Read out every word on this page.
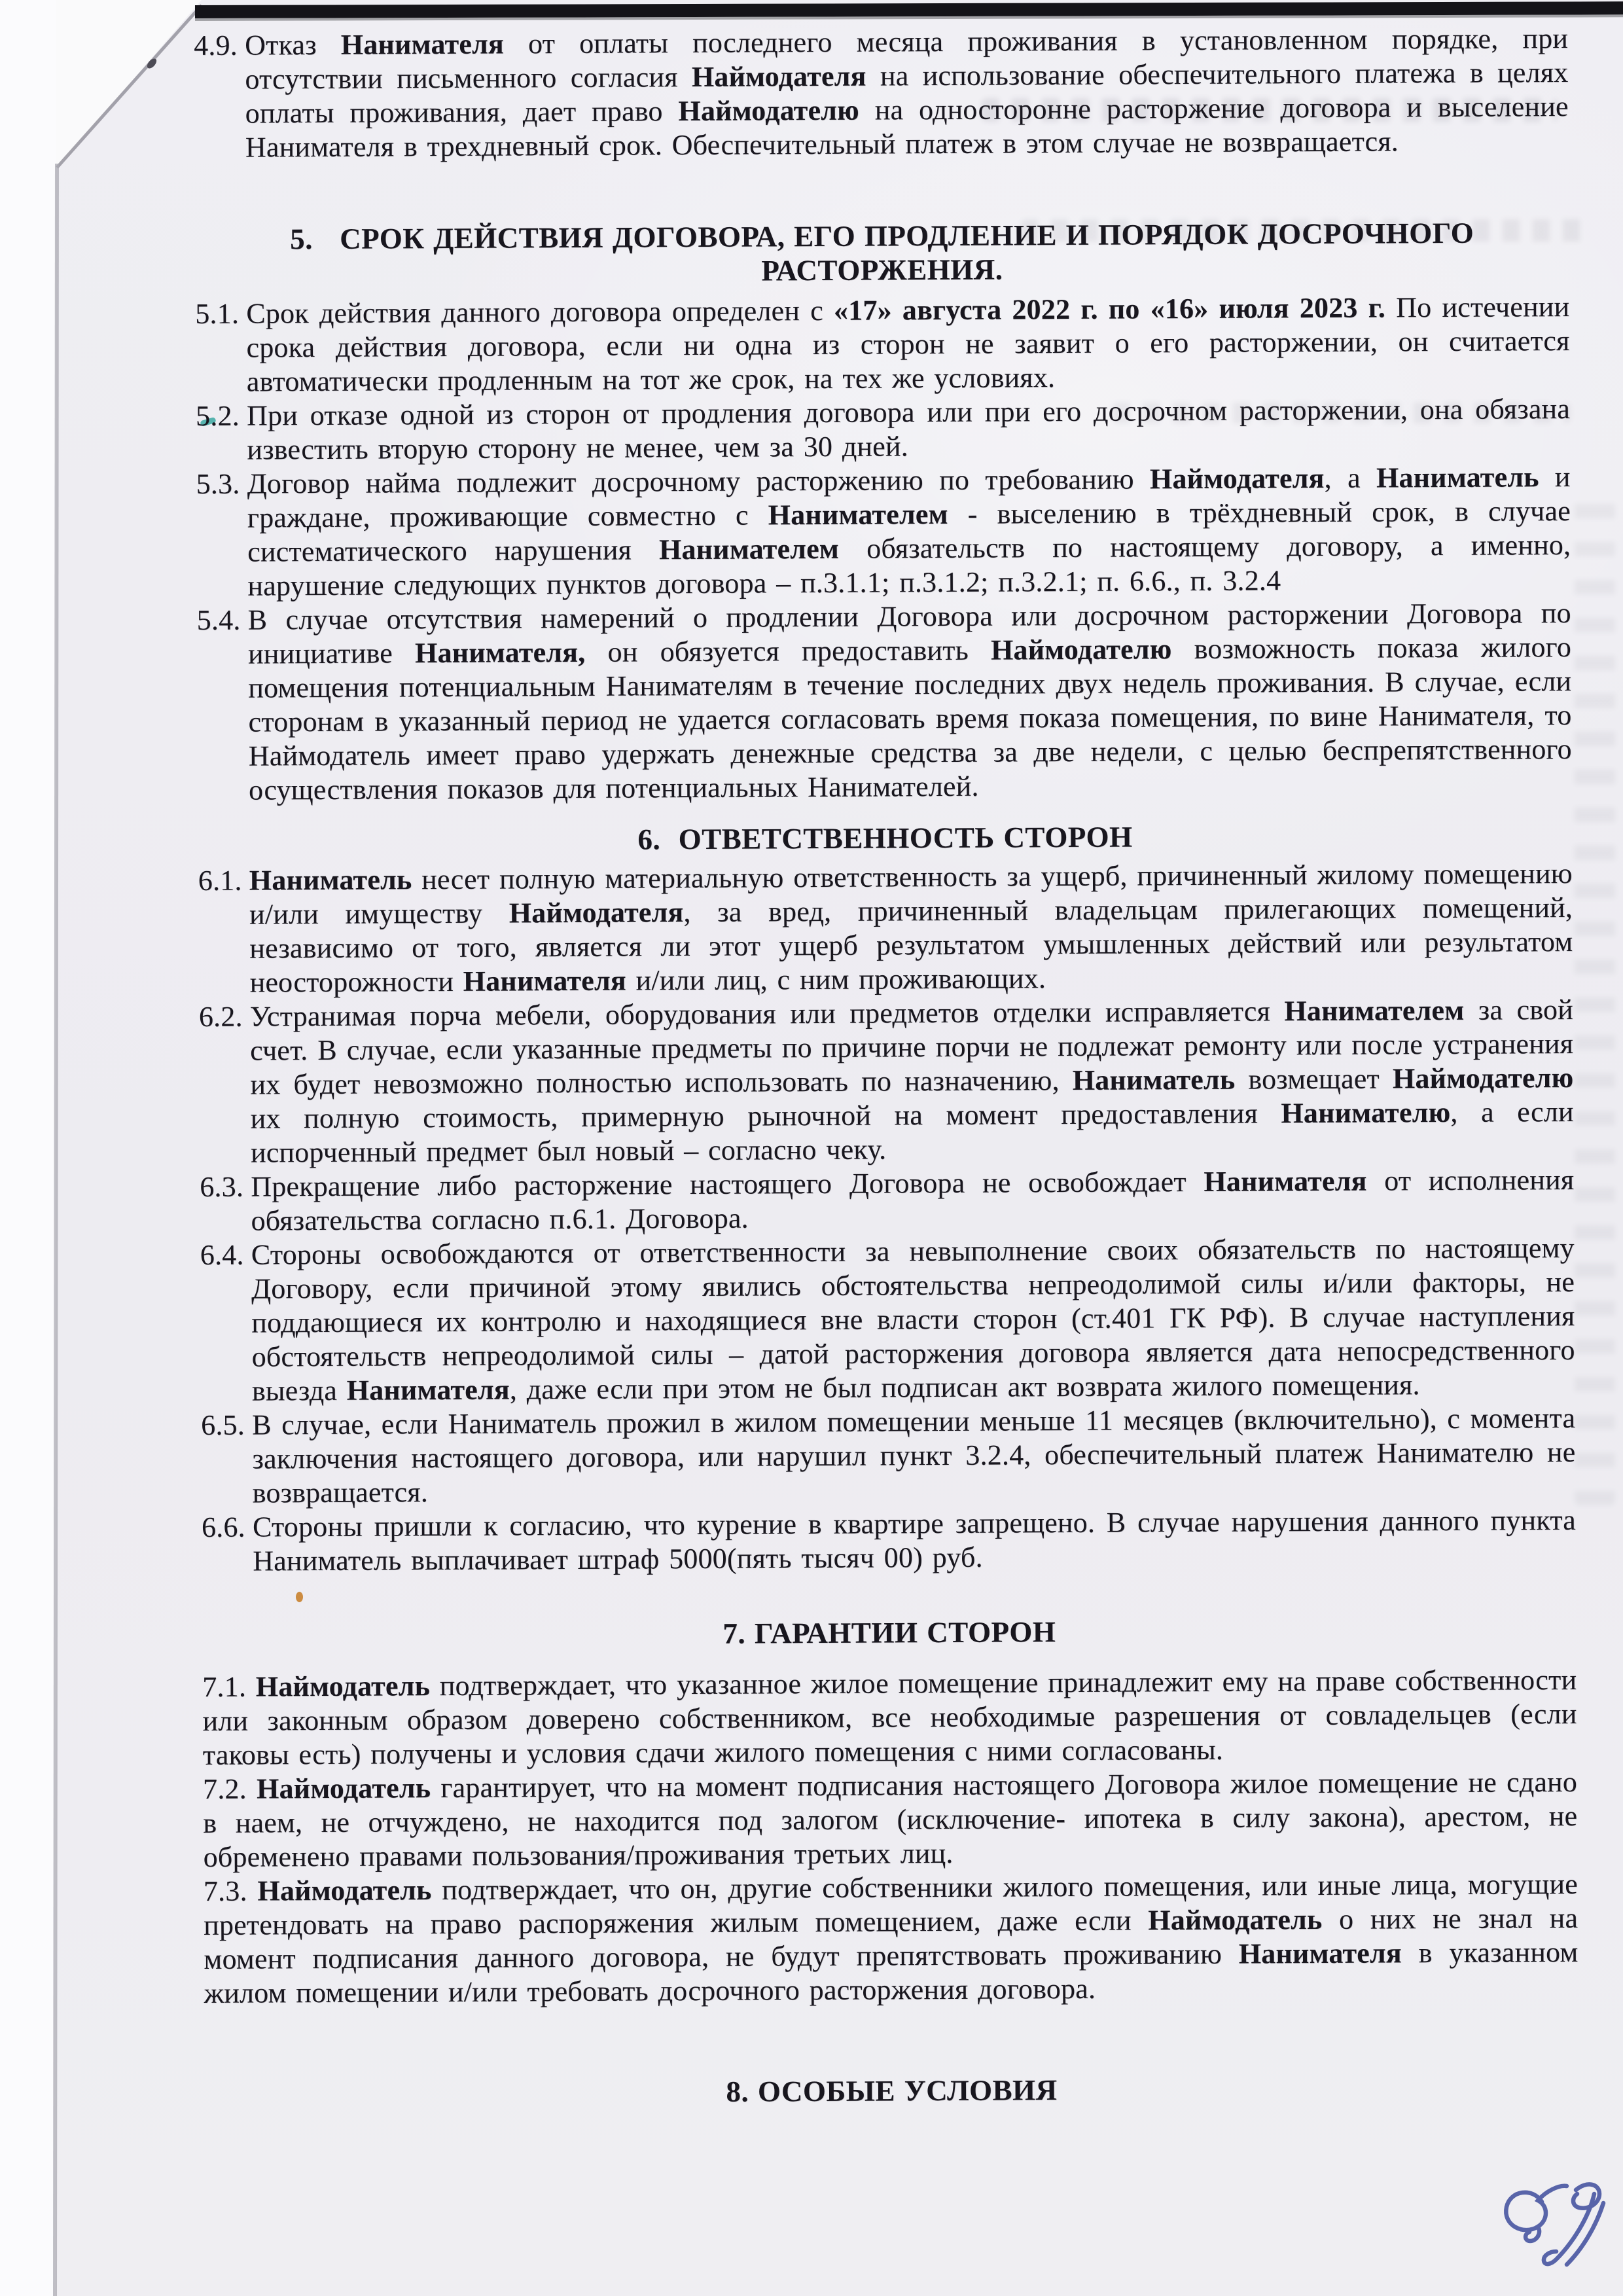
4.9. Отказ Нанимателя от оплаты последнего месяца проживания в установленном порядке, при отсутствии письменного согласия Наймодателя на использование обеспечительного платежа в целях оплаты проживания, дает право Наймодателю на односторонне расторжение договора и выселение Нанимателя в трехдневный срок. Обеспечительный платеж в этом случае не возвращается.
5.   СРОК ДЕЙСТВИЯ ДОГОВОРА, ЕГО ПРОДЛЕНИЕ И ПОРЯДОК ДОСРОЧНОГО РАСТОРЖЕНИЯ.
5.1. Срок действия данного договора определен с «17» августа 2022 г. по «16» июля 2023 г. По истечении срока действия договора, если ни одна из сторон не заявит о его расторжении, он считается автоматически продленным на тот же срок, на тех же условиях.
5.2. При отказе одной из сторон от продления договора или при его досрочном расторжении, она обязана известить вторую сторону не менее, чем за 30 дней.
5.3. Договор найма подлежит досрочному расторжению по требованию Наймодателя, а Наниматель и граждане, проживающие совместно с Нанимателем - выселению в трёхдневный срок, в случае систематического нарушения Нанимателем обязательств по настоящему договору, а именно, нарушение следующих пунктов договора – п.3.1.1; п.3.1.2; п.3.2.1; п. 6.6., п. 3.2.4
5.4. В случае отсутствия намерений о продлении Договора или досрочном расторжении Договора по инициативе Нанимателя, он обязуется предоставить Наймодателю возможность показа жилого помещения потенциальным Нанимателям в течение последних двух недель проживания. В случае, если сторонам в указанный период не удается согласовать время показа помещения, по вине Нанимателя, то Наймодатель имеет право удержать денежные средства за две недели, с целью беспрепятственного осуществления показов для потенциальных Нанимателей.
6.  ОТВЕТСТВЕННОСТЬ СТОРОН
6.1. Наниматель несет полную материальную ответственность за ущерб, причиненный жилому помещению и/или имуществу Наймодателя, за вред, причиненный владельцам прилегающих помещений, независимо от того, является ли этот ущерб результатом умышленных действий или результатом неосторожности Нанимателя и/или лиц, с ним проживающих.
6.2. Устранимая порча мебели, оборудования или предметов отделки исправляется Нанимателем за свой счет. В случае, если указанные предметы по причине порчи не подлежат ремонту или после устранения их будет невозможно полностью использовать по назначению, Наниматель возмещает Наймодателю их полную стоимость, примерную рыночной на момент предоставления Нанимателю, а если испорченный предмет был новый – согласно чеку.
6.3. Прекращение либо расторжение настоящего Договора не освобождает Нанимателя от исполнения обязательства согласно п.6.1. Договора.
6.4. Стороны освобождаются от ответственности за невыполнение своих обязательств по настоящему Договору, если причиной этому явились обстоятельства непреодолимой силы и/или факторы, не поддающиеся их контролю и находящиеся вне власти сторон (ст.401 ГК РФ). В случае наступления обстоятельств непреодолимой силы – датой расторжения договора является дата непосредственного выезда Нанимателя, даже если при этом не был подписан акт возврата жилого помещения.
6.5. В случае, если Наниматель прожил в жилом помещении меньше 11 месяцев (включительно), с момента заключения настоящего договора, или нарушил пункт 3.2.4, обеспечительный платеж Нанимателю не возвращается.
6.6. Стороны пришли к согласию, что курение в квартире запрещено. В случае нарушения данного пункта Наниматель выплачивает штраф 5000(пять тысяч 00) руб.
7. ГАРАНТИИ СТОРОН
7.1. Наймодатель подтверждает, что указанное жилое помещение принадлежит ему на праве собственности или законным образом доверено собственником, все необходимые разрешения от совладельцев (если таковы есть) получены и условия сдачи жилого помещения с ними согласованы.
7.2. Наймодатель гарантирует, что на момент подписания настоящего Договора жилое помещение не сдано в наем, не отчуждено, не находится под залогом (исключение- ипотека в силу закона), арестом, не обременено правами пользования/проживания третьих лиц.
7.3. Наймодатель подтверждает, что он, другие собственники жилого помещения, или иные лица, могущие претендовать на право распоряжения жилым помещением, даже если Наймодатель о них не знал на момент подписания данного договора, не будут препятствовать проживанию Нанимателя в указанном жилом помещении и/или требовать досрочного расторжения договора.
8. ОСОБЫЕ УСЛОВИЯ
